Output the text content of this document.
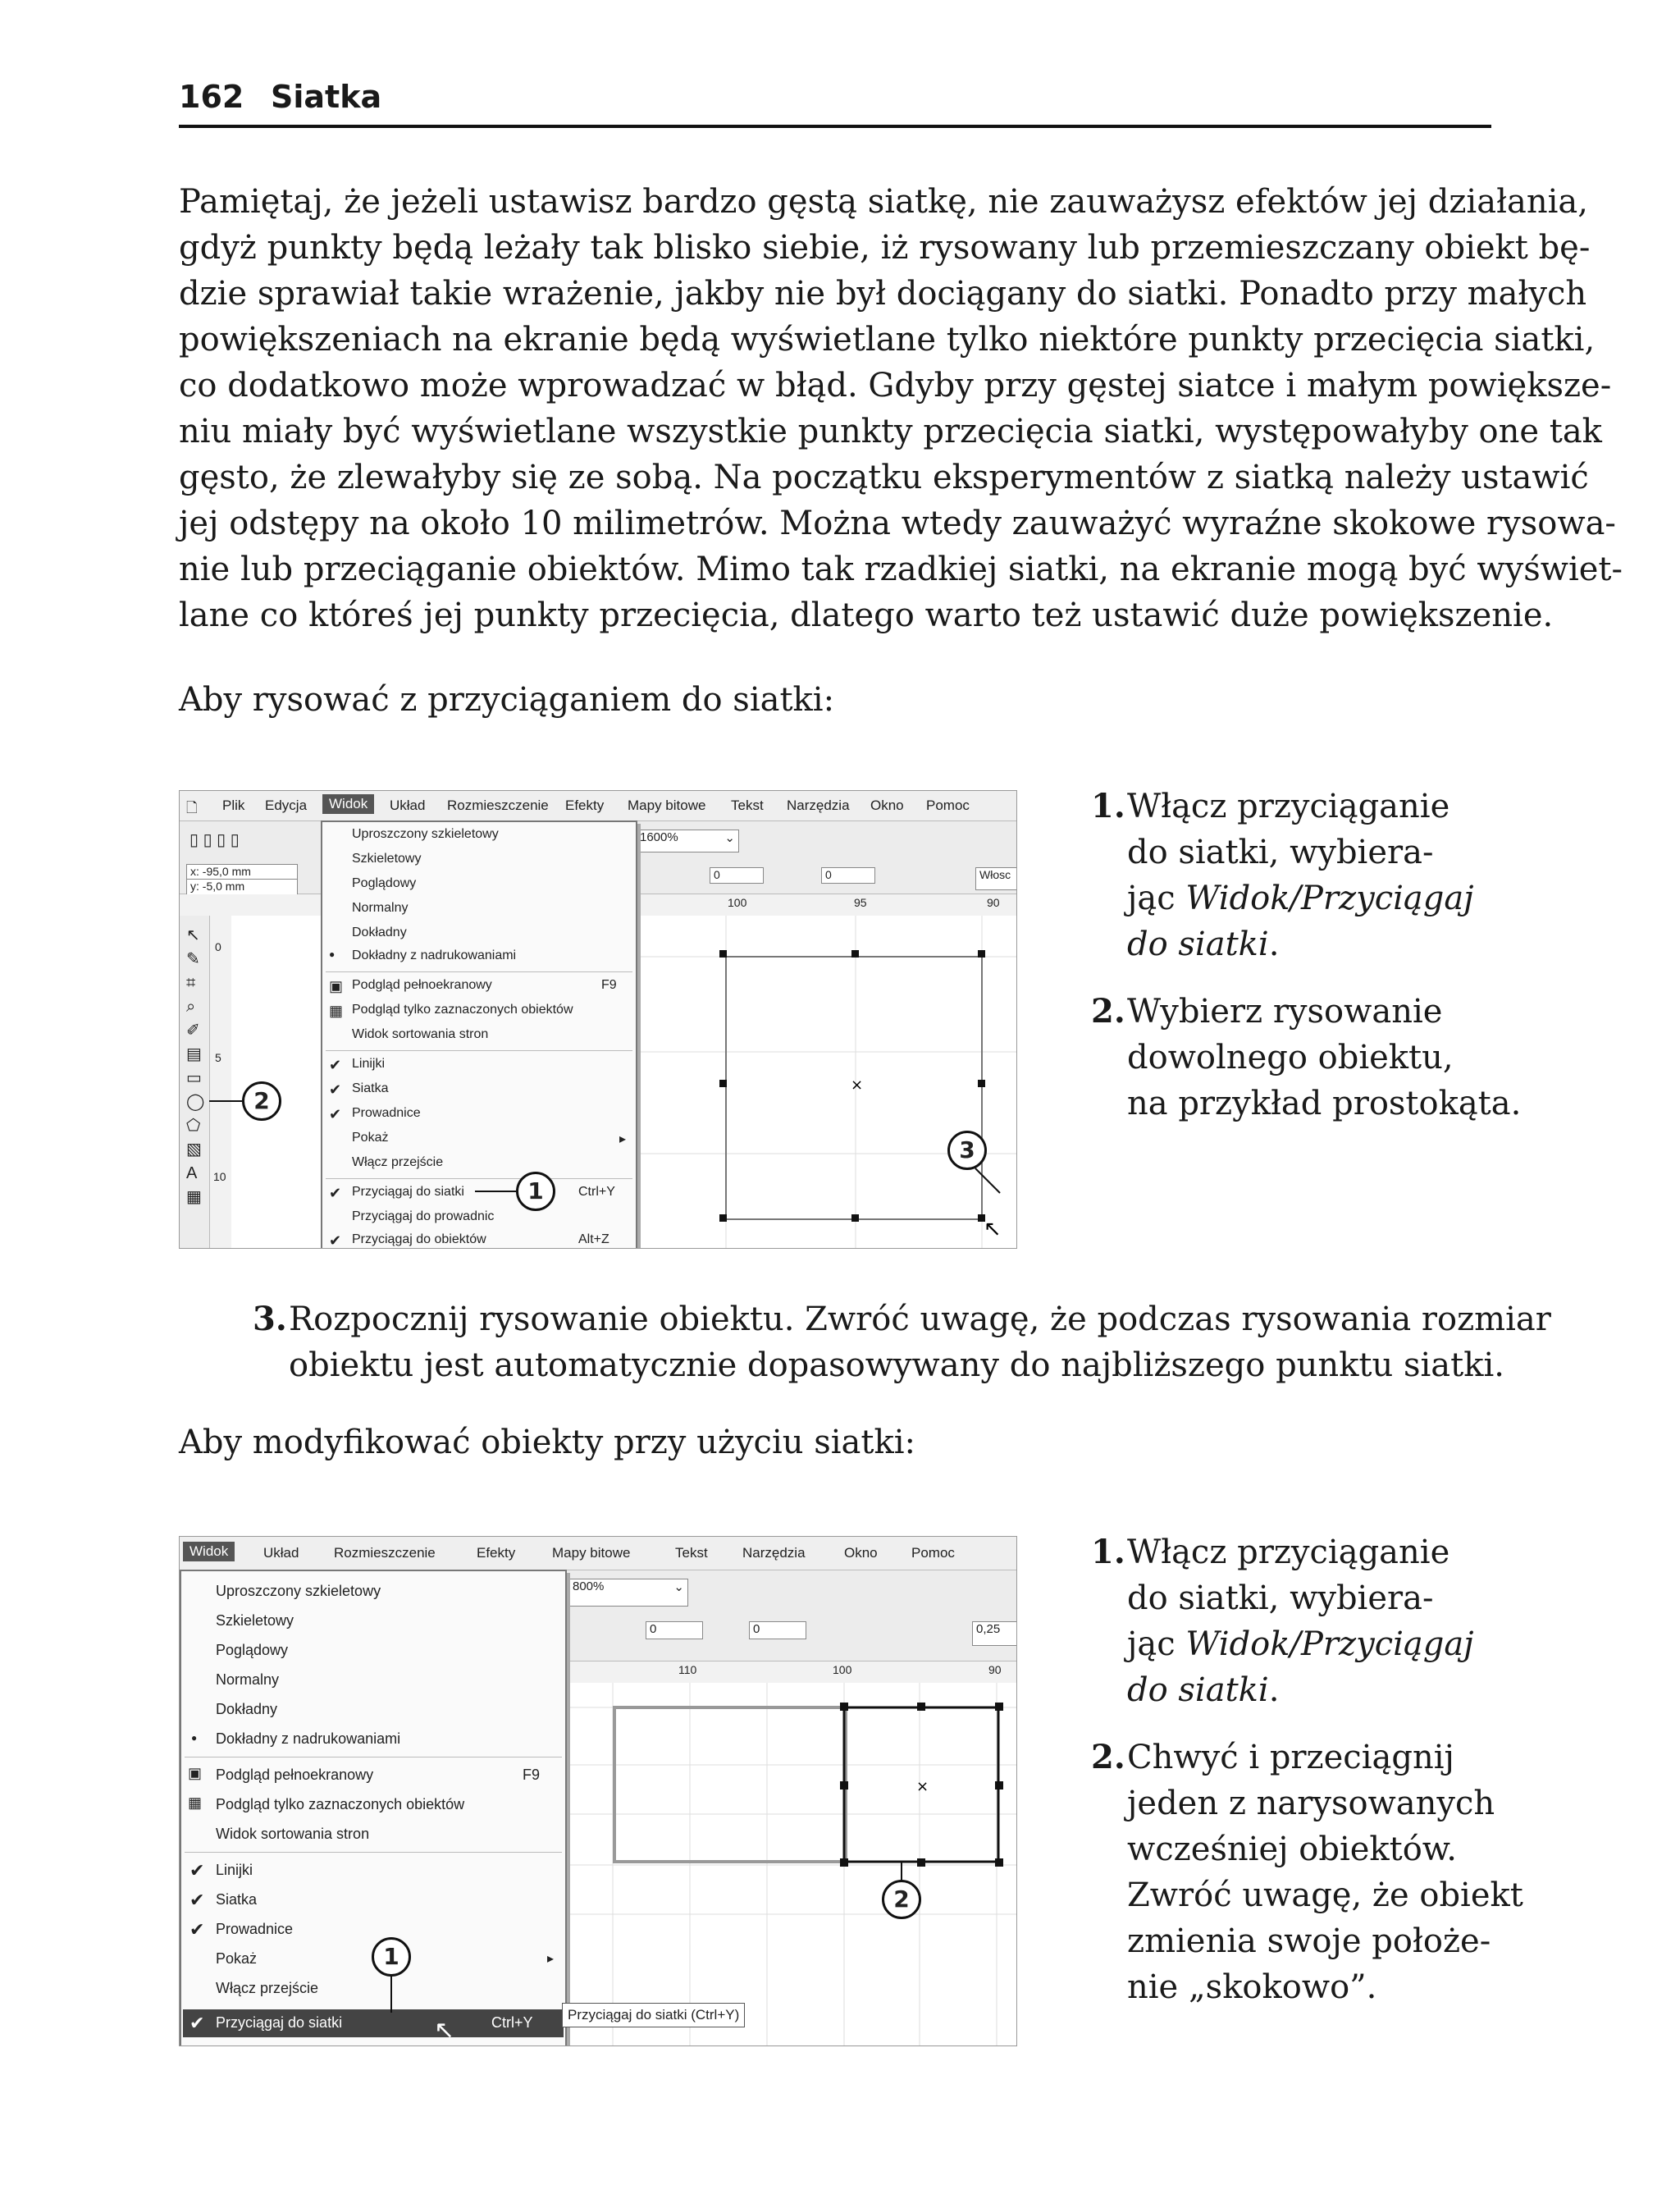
162 Siatka

Pamiętaj, że jeżeli ustawisz bardzo gęstą siatkę, nie zauważysz efektów jej działania,

gdyż punkty będą leżały tak blisko siebie, iż rysowany lub przemieszczany obiekt bę-

dzie sprawiał takie wrażenie, jakby nie był dociągany do siatki. Ponadto przy małych

powiększeniach na ekranie będą wyświetlane tylko niektóre punkty przecięcia siatki,

co dodatkowo może wprowadzać w błąd. Gdyby przy gęstej siatce i małym powiększe-

niu miały być wyświetlane wszystkie punkty przecięcia siatki, występowałyby one tak

gęsto, że zlewałyby się ze sobą. Na początku eksperymentów z siatką należy ustawić

jej odstępy na około 10 milimetrów. Można wtedy zauważyć wyraźne skokowe rysowa-

nie lub przeciąganie obiektów. Mimo tak rzadkiej siatki, na ekranie mogą być wyświet-

lane co któreś jej punkty przecięcia, dlatego warto też ustawić duże powiększenie.

Aby rysować z przyciąganiem do siatki:

🗋 Plik Edycja	Widok	Układ Rozmieszczenie Efekty Mapy bitowe Tekst Narzędzia Okno Pomoc
▯ ▯ ▯ ▯	1600%	⌄
x: -95,0 mm
y: -5,0 mm
0	0	Włosc
100	95	90
↖
✎
⌗
⌕
✐
▤
▭
◯
⬠
▧
A
▦
0
5
10
×
↖
Uproszczony szkieletowy
Szkieletowy
Poglądowy
Normalny
Dokładny
● Dokładny z nadrukowaniami
▣ Podgląd pełnoekranowy	F9
▦ Podgląd tylko zaznaczonych obiektów
Widok sortowania stron
✔ Linijki
✔ Siatka
✔ Prowadnice
Pokaż	▸
Włącz przejście
✔ Przyciągaj do siatki	Ctrl+Y
Przyciągaj do prowadnic
✔ Przyciągaj do obiektów	Alt+Z
1
2
3
1. Włącz przyciąganie
do siatki, wybiera-
jąc Widok/Przyciągaj
do siatki.
2. Wybierz rysowanie
dowolnego obiektu,
na przykład prostokąta.
3. Rozpocznij rysowanie obiektu. Zwróć uwagę, że podczas rysowania rozmiar
obiektu jest automatycznie dopasowywany do najbliższego punktu siatki.

Aby modyfikować obiekty przy użyciu siatki:

Widok	Układ	Rozmieszczenie	Efekty	Mapy bitowe	Tekst Narzędzia	Okno Pomoc
800%	⌄
0	0	0,25
110	100	90
×
Uproszczony szkieletowy
Szkieletowy
Poglądowy
Normalny
Dokładny
● Dokładny z nadrukowaniami
▣ Podgląd pełnoekranowy	F9
▦ Podgląd tylko zaznaczonych obiektów
Widok sortowania stron
✔ Linijki
✔ Siatka
✔ Prowadnice
Pokaż	▸
Włącz przejście
✔ Przyciągaj do siatki	Ctrl+Y
↖
Przyciągaj do siatki (Ctrl+Y)
1
2
1. Włącz przyciąganie
do siatki, wybiera-
jąc Widok/Przyciągaj
do siatki.
2. Chwyć i przeciągnij
jeden z narysowanych
wcześniej obiektów.
Zwróć uwagę, że obiekt
zmienia swoje położe-
nie „skokowo”.
